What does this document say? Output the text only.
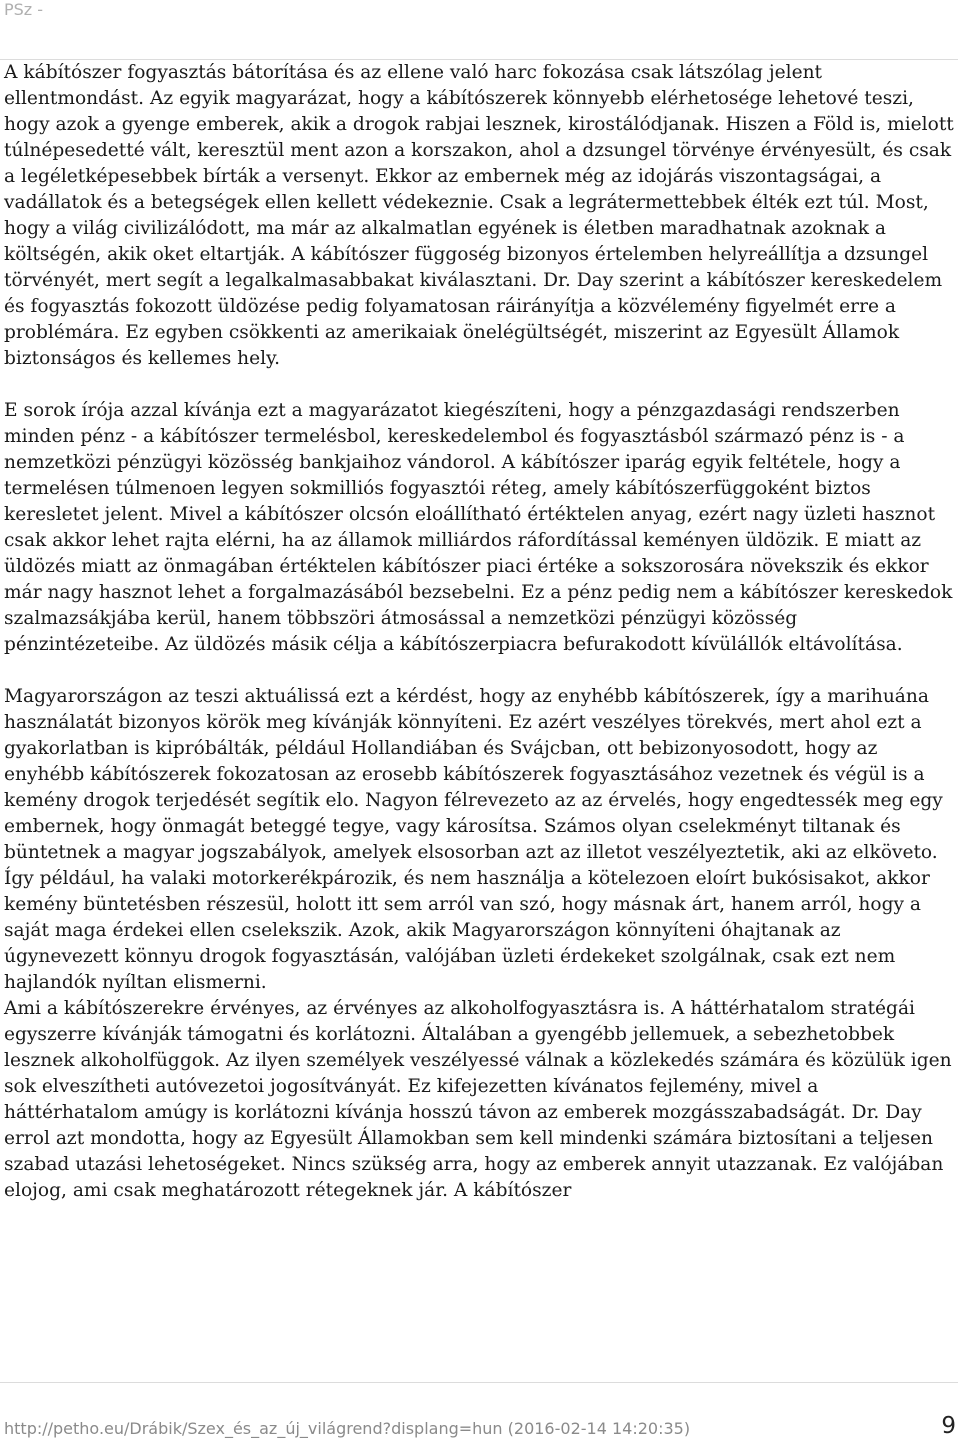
PSz -

A kábítószer fogyasztás bátorítása és az ellene való harc fokozása csak látszólag jelent ellentmondást. Az egyik magyarázat, hogy a kábítószerek könnyebb elérhetosége lehetové teszi, hogy azok a gyenge emberek, akik a drogok rabjai lesznek, kirostálódjanak. Hiszen a Föld is, mielott túlnépesedetté vált, keresztül ment azon a korszakon, ahol a dzsungel törvénye érvényesült, és csak a legéletképesebbek bírták a versenyt. Ekkor az embernek még az idojárás viszontagságai, a vadállatok és a betegségek ellen kellett védekeznie. Csak a legrátermettebbek élték ezt túl. Most, hogy a világ civilizálódott, ma már az alkalmatlan egyének is életben maradhatnak azoknak a költségén, akik oket eltartják. A kábítószer függoség bizonyos értelemben helyreállítja a dzsungel törvényét, mert segít a legalkalmasabbakat kiválasztani. Dr. Day szerint a kábítószer kereskedelem és fogyasztás fokozott üldözése pedig folyamatosan ráirányítja a közvélemény figyelmét erre a problémára. Ez egyben csökkenti az amerikaiak önelégültségét, miszerint az Egyesült Államok biztonságos és kellemes hely.

E sorok írója azzal kívánja ezt a magyarázatot kiegészíteni, hogy a pénzgazdasági rendszerben minden pénz - a kábítószer termelésbol, kereskedelembol és fogyasztásból származó pénz is - a nemzetközi pénzügyi közösség bankjaihoz vándorol. A kábítószer iparág egyik feltétele, hogy a termelésen túlmenoen legyen sokmilliós fogyasztói réteg, amely kábítószerfüggoként biztos keresletet jelent. Mivel a kábítószer olcsón eloállítható értéktelen anyag, ezért nagy üzleti hasznot csak akkor lehet rajta elérni, ha az államok milliárdos ráfordítással keményen üldözik. E miatt az üldözés miatt az önmagában értéktelen kábítószer piaci értéke a sokszorosára növekszik és ekkor már nagy hasznot lehet a forgalmazásából bezsebelni. Ez a pénz pedig nem a kábítószer kereskedok szalmazsákjába kerül, hanem többszöri átmosással a nemzetközi pénzügyi közösség pénzintézeteibe. Az üldözés másik célja a kábítószerpiacra befurakodott kívülállók eltávolítása.

Magyarországon az teszi aktuálissá ezt a kérdést, hogy az enyhébb kábítószerek, így a marihuána használatát bizonyos körök meg kívánják könnyíteni. Ez azért veszélyes törekvés, mert ahol ezt a gyakorlatban is kipróbálták, például Hollandiában és Svájcban, ott bebizonyosodott, hogy az enyhébb kábítószerek fokozatosan az erosebb kábítószerek fogyasztásához vezetnek és végül is a kemény drogok terjedését segítik elo. Nagyon félrevezeto az az érvelés, hogy engedtessék meg egy embernek, hogy önmagát beteggé tegye, vagy károsítsa. Számos olyan cselekményt tiltanak és büntetnek a magyar jogszabályok, amelyek elsosorban azt az illetot veszélyeztetik, aki az elköveto. Így például, ha valaki motorkerékpározik, és nem használja a kötelezoen eloírt bukósisakot, akkor kemény büntetésben részesül, holott itt sem arról van szó, hogy másnak árt, hanem arról, hogy a saját maga érdekei ellen cselekszik. Azok, akik Magyarországon könnyíteni óhajtanak az úgynevezett könnyu drogok fogyasztásán, valójában üzleti érdekeket szolgálnak, csak ezt nem hajlandók nyíltan elismerni.

Ami a kábítószerekre érvényes, az érvényes az alkoholfogyasztásra is. A háttérhatalom stratégái egyszerre kívánják támogatni és korlátozni. Általában a gyengébb jellemuek, a sebezhetobbek lesznek alkoholfüggok. Az ilyen személyek veszélyessé válnak a közlekedés számára és közülük igen sok elveszítheti autóvezetoi jogosítványát. Ez kifejezetten kívánatos fejlemény, mivel a háttérhatalom amúgy is korlátozni kívánja hosszú távon az emberek mozgásszabadságát. Dr. Day errol azt mondotta, hogy az Egyesült Államokban sem kell mindenki számára biztosítani a teljesen szabad utazási lehetoségeket. Nincs szükség arra, hogy az emberek annyit utazzanak. Ez valójában elojog, ami csak meghatározott rétegeknek jár. A kábítószer

http://petho.eu/Drábik/Szex_és_az_új_világrend?displang=hun (2016-02-14 14:20:35)	9
